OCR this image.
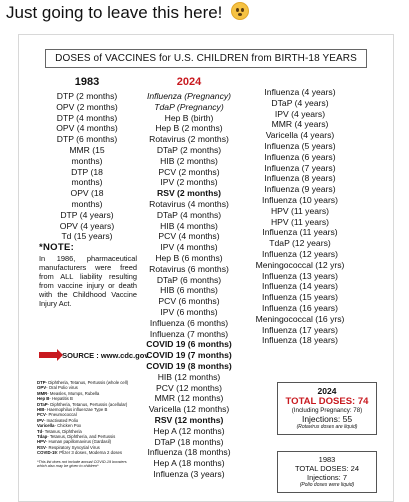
Just going to leave this here!
DOSES of VACCINES for U.S. CHILDREN from BIRTH-18 YEARS
1983
DTP (2 months)
OPV (2 months)
DTP (4 months)
OPV (4 months)
DTP (6 months)
MMR (15 months)
DTP (18 months)
OPV (18 months)
DTP (4 years)
OPV (4 years)
Td (15 years)
2024
Influenza (Pregnancy)
TdaP (Pregnancy)
Hep B (birth)
Hep B (2 months)
Rotavirus (2 months)
DTaP (2 months)
HIB (2 months)
PCV (2 months)
IPV (2 months)
RSV (2 months)
Rotavirus (4 months)
DTaP (4 months)
HIB (4 months)
PCV (4 months)
IPV (4 months)
Hep B (6 months)
Rotavirus (6 months)
DTaP (6 months)
HIB (6 months)
PCV (6 months)
IPV (6 months)
Influenza (6 months)
Influenza (7 months)
COVID 19 (6 months)
COVID 19 (7 months)
COVID 19 (8 months)
HIB (12 months)
PCV (12 months)
MMR (12 months)
Varicella (12 months)
RSV (12 months)
Hep A (12 months)
DTaP (18 months)
Influenza (18 months)
Hep A (18 months)
Influenza (3 years)
Influenza (4 years)
DTaP (4 years)
IPV (4 years)
MMR (4 years)
Varicella (4 years)
Influenza (5 years)
Influenza (6 years)
Influenza (7 years)
Influenza (8 years)
Influenza (9 years)
Influenza (10 years)
HPV (11 years)
HPV (11 years)
Influenza (11 years)
TdaP (12 years)
Influenza (12 years)
Meningococcal (12 yrs)
Influenza (13 years)
Influenza (14 years)
Influenza (15 years)
Influenza (16 years)
Meningococcal (16 yrs)
Influenza (17 years)
Influenza (18 years)
*NOTE:
In 1986, pharmaceutical manufacturers were freed from ALL liability resulting from vaccine injury or death with the Childhood Vaccine Injury Act.
SOURCE : www.cdc.gov
DTP- Diphtheria, Tetanus, Pertussis (whole cell)
OPV- Oral Polio virus
MMR- Measles, Mumps, Rubella
Hep B- Hepatitis B
DTaP- Diphtheria, Tetanus, Pertussis (acellular)
HIB- Haemophilus influenzae Type B
PCV- Pneumococcal
IPV- Inactivated Polio
Varicella- Chicken Pox
Td- Tetanus, Diphtheria
Tdap- Tetanus, Diphtheria, and Pertussis
HPV- Human papillomavirus (Gardasil)
RSV- Respiratory Syncytial Virus
COVID-19: Pfizer 3 doses, Moderna 2 doses
*This list does not include annual COVID-19 boosters which also may be given to children*
2024
TOTAL DOSES: 74
(Including Pregnancy: 78)
Injections: 55
(Rotavirus doses are liquid)
1983
TOTAL DOSES: 24
Injections: 7
(Polio doses were liquid)
